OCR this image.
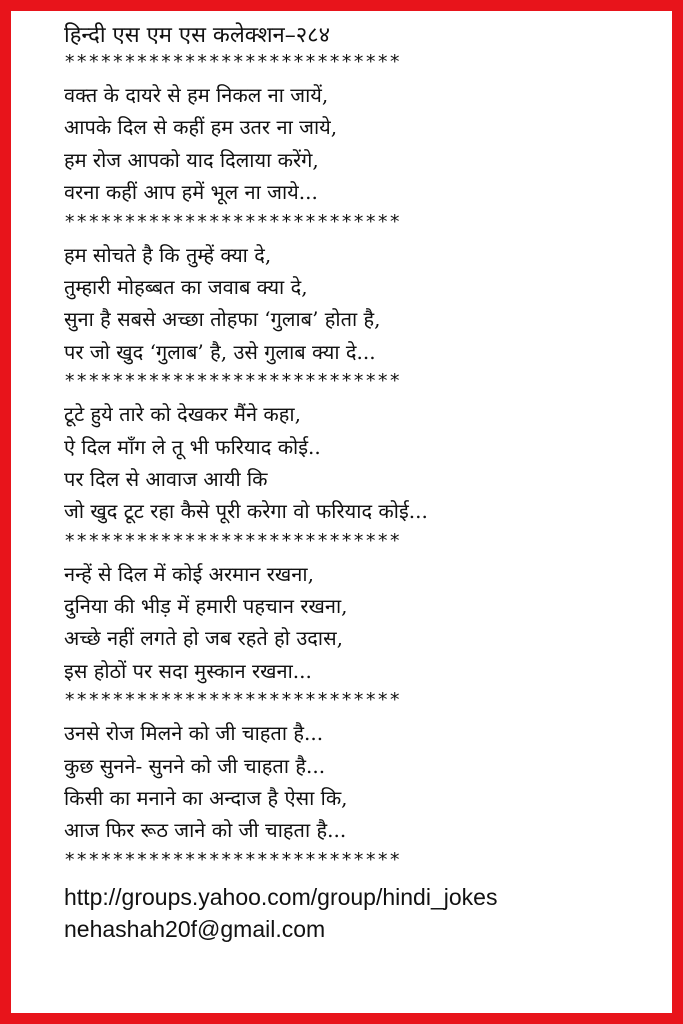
हिन्दी एस एम एस कलेक्शन–२८४
****************************
वक्त के दायरे से हम निकल ना जायें,
आपके दिल से कहीं हम उतर ना जाये,
हम रोज आपको याद दिलाया करेंगे,
वरना कहीं आप हमें भूल ना जाये...
****************************
हम सोचते है कि तुम्हें क्या दे,
तुम्हारी मोहब्बत का जवाब क्या दे,
सुना है सबसे अच्छा तोहफा ‘गुलाब’ होता है,
पर जो खुद ‘गुलाब’ है, उसे गुलाब क्या दे...
****************************
टूटे हुये तारे को देखकर मैंने कहा,
ऐ दिल माँग ले तू भी फरियाद कोई..
पर दिल से आवाज आयी कि
जो खुद टूट रहा कैसे पूरी करेगा वो फरियाद कोई...
****************************
नन्हें से दिल में कोई अरमान रखना,
दुनिया की भीड़ में हमारी पहचान रखना,
अच्छे नहीं लगते हो जब रहते हो उदास,
इस होठों पर सदा मुस्कान रखना...
****************************
उनसे रोज मिलने को जी चाहता है...
कुछ सुनने- सुनने को जी चाहता है...
किसी का मनाने का अन्दाज है ऐसा कि,
आज फिर रूठ जाने को जी चाहता है...
****************************
http://groups.yahoo.com/group/hindi_jokes
nehashah20f@gmail.com
